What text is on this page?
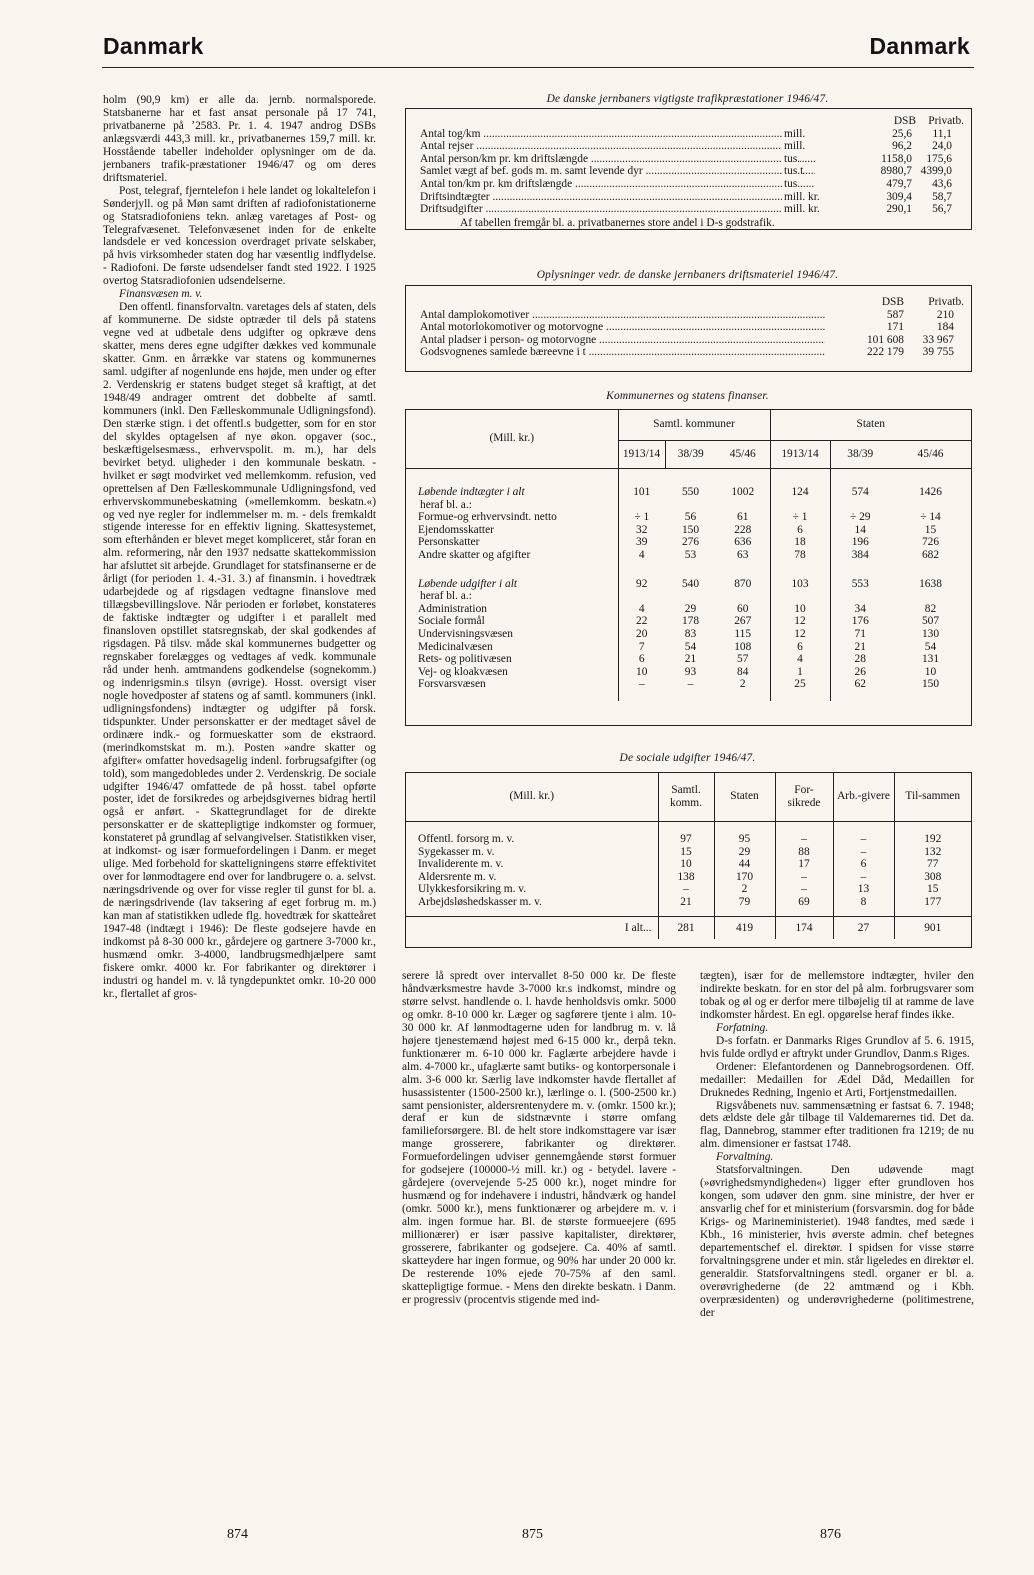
Danmark	Danmark

holm (90,9 km) er alle da. jernb. normalsporede. Statsbanerne har et fast ansat personale på 17 741, privatbanerne på ʼ2583. Pr. 1. 4. 1947 androg DSBs anlægsværdi 443,3 mill. kr., privatbanernes 159,7 mill. kr. Hosstående tabeller indeholder oplysninger om de da. jernbaners trafik-præstationer 1946/47 og om deres driftsmateriel.

Post, telegraf, fjerntelefon i hele landet og lokaltelefon i Sønderjyll. og på Møn samt driften af radiofonistationerne og Statsradiofoniens tekn. anlæg varetages af Post- og Telegrafvæsenet. Telefonvæsenet inden for de enkelte landsdele er ved koncession overdraget private selskaber, på hvis virksomheder staten dog har væsentlig indflydelse. - Radiofoni. De første udsendelser fandt sted 1922. I 1925 overtog Statsradiofonien udsendelserne.

Finansvæsen m. v.

Den offentl. finansforvaltn. varetages dels af staten, dels af kommunerne. De sidste optræder til dels på statens vegne ved at udbetale dens udgifter og opkræve dens skatter, mens deres egne udgifter dækkes ved kommunale skatter. Gnm. en årrække var statens og kommunernes saml. udgifter af nogenlunde ens højde, men under og efter 2. Verdenskrig er statens budget steget så kraftigt, at det 1948/49 andrager omtrent det dobbelte af samtl. kommuners (inkl. Den Fælleskommunale Udligningsfond). Den stærke stign. i det offentl.s budgetter, som for en stor del skyldes optagelsen af nye økon. opgaver (soc., beskæftigelsesmæss., erhvervspolit. m. m.), har dels bevirket betyd. uligheder i den kommunale beskatn. - hvilket er søgt modvirket ved mellemkomm. refusion, ved oprettelsen af Den Fælleskommunale Udligningsfond, ved erhvervskommunebeskatning (»mellemkomm. beskatn.«) og ved nye regler for indlemmelser m. m. - dels fremkaldt stigende interesse for en effektiv ligning. Skattesystemet, som efterhånden er blevet meget kompliceret, står foran en alm. reformering, når den 1937 nedsatte skattekommission har afsluttet sit arbejde. Grundlaget for statsfinanserne er de årligt (for perioden 1. 4.-31. 3.) af finansmin. i hovedtræk udarbejdede og af rigsdagen vedtagne finanslove med tillægsbevillingslove. Når perioden er forløbet, konstateres de faktiske indtægter og udgifter i et parallelt med finansloven opstillet statsregnskab, der skal godkendes af rigsdagen. På tilsv. måde skal kommunernes budgetter og regnskaber forelægges og vedtages af vedk. kommunale råd under henh. amtmandens godkendelse (sognekomm.) og indenrigsmin.s tilsyn (øvrige). Hosst. oversigt viser nogle hovedposter af statens og af samtl. kommuners (inkl. udligningsfondens) indtægter og udgifter på forsk. tidspunkter. Under personskatter er der medtaget såvel de ordinære indk.- og formueskatter som de ekstraord. (merindkomstskat m. m.). Posten »andre skatter og afgifter« omfatter hovedsagelig indenl. forbrugsafgifter (og told), som mangedobledes under 2. Verdenskrig. De sociale udgifter 1946/47 omfattede de på hosst. tabel opførte poster, idet de forsikredes og arbejdsgivernes bidrag hertil også er anført. - Skattegrundlaget for de direkte personskatter er de skattepligtige indkomster og formuer, konstateret på grundlag af selvangivelser. Statistikken viser, at indkomst- og især formuefordelingen i Danm. er meget ulige. Med forbehold for skatteligningens større effektivitet over for lønmodtagere end over for landbrugere o. a. selvst. næringsdrivende og over for visse regler til gunst for bl. a. de næringsdrivende (lav taksering af eget forbrug m. m.) kan man af statistikken udlede flg. hovedtræk for skatteåret 1947-48 (indtægt i 1946): De fleste godsejere havde en indkomst på 8-30 000 kr., gårdejere og gartnere 3-7000 kr., husmænd omkr. 3-4000, landbrugsmedhjælpere samt fiskere omkr. 4000 kr. For fabrikanter og direktører i industri og handel m. v. lå tyngdepunktet omkr. 10-20 000 kr., flertallet af gros-

De danske jernbaners vigtigste trafikpræstationer 1946/47.
DSB	Privatb.
Antal tog/km .....	mill.	25,6	11,1
Antal rejser .....	mill.	96,2	24,0
Antal person/km pr. km driftslængde .....	tus.	1158,0	175,6
Samlet vægt af bef. gods m. m. samt levende dyr .....	tus.t	8980,7 4399,0
Antal ton/km pr. km driftslængde .....	tus.	479,7	43,6
Driftsindtægter .....	mill. kr.	309,4	58,7
Driftsudgifter .....	mill. kr.	290,1	56,7
Af tabellen fremgår bl. a. privatbanernes store andel i D-s godstrafik.
Oplysninger vedr. de danske jernbaners driftsmateriel 1946/47.
DSB	Privatb.
Antal damplokomotiver .....	587	210
Antal motorlokomotiver og motorvogne .....	171	184
Antal pladser i person- og motorvogne .....	101 608	33 967
Godsvognenes samlede bæreevne i t .....	222 179	39 755
Kommunernes og statens finanser.
(Mill. kr.)	Samtl. kommuner			Staten		
	1913/14	38/39	45/46	1913/14	38/39	45/46

Løbende indtægter i alt	101	550	1002	124	574	1426
heraf bl. a.:						
Formue-og erhvervsindt. netto	÷ 1	56	61	÷ 1	÷ 29	÷ 14
Ejendomsskatter	32	150	228	6	14	15
Personskatter	39	276	636	18	196	726
Andre skatter og afgifter	4	53	63	78	384	682

Løbende udgifter i alt	92	540	870	103	553	1638
heraf bl. a.:						
Administration	4	29	60	10	34	82
Sociale formål	22	178	267	12	176	507
Undervisningsvæsen	20	83	115	12	71	130
Medicinalvæsen	7	54	108	6	21	54
Rets- og politivæsen	6	21	57	4	28	131
Vej- og kloakvæsen	10	93	84	1	26	10
Forsvarsvæsen	–	–	2	25	62	150

De sociale udgifter 1946/47.
(Mill. kr.)	Samtl. komm.	Staten	For-sikrede	Arb.-givere	Til-sammen

Offentl. forsorg m. v.	97	95	–	–	192
Sygekasser m. v.	15	29	88	–	132
Invaliderente m. v.	10	44	17	6	77
Aldersrente m. v.	138	170	–	–	308
Ulykkesforsikring m. v.	–	2	–	13	15
Arbejdsløshedskasser m. v.	21	79	69	8	177

I alt...	281	419	174	27	901
serere lå spredt over intervallet 8-50 000 kr. De fleste håndværksmestre havde 3-7000 kr.s indkomst, mindre og større selvst. handlende o. l. havde henholdsvis omkr. 5000 og omkr. 8-10 000 kr. Læger og sagførere tjente i alm. 10-30 000 kr. Af lønmodtagerne uden for landbrug m. v. lå højere tjenestemænd højest med 6-15 000 kr., derpå tekn. funktionærer m. 6-10 000 kr. Faglærte arbejdere havde i alm. 4-7000 kr., ufaglærte samt butiks- og kontorpersonale i alm. 3-6 000 kr. Særlig lave indkomster havde flertallet af husassistenter (1500-2500 kr.), lærlinge o. l. (500-2500 kr.) samt pensionister, aldersrentenydere m. v. (omkr. 1500 kr.); deraf er kun de sidstnævnte i større omfang familieforsørgere. Bl. de helt store indkomsttagere var især mange grosserere, fabrikanter og direktører. Formuefordelingen udviser gennemgående størst formuer for godsejere (100000-½ mill. kr.) og - betydel. lavere - gårdejere (overvejende 5-25 000 kr.), noget mindre for husmænd og for indehavere i industri, håndværk og handel (omkr. 5000 kr.), mens funktionærer og arbejdere m. v. i alm. ingen formue har. Bl. de største formueejere (695 millionærer) er især passive kapitalister, direktører, grosserere, fabrikanter og godsejere. Ca. 40% af samtl. skatteydere har ingen formue, og 90% har under 20 000 kr. De resterende 10% ejede 70-75% af den saml. skattepligtige formue. - Mens den direkte beskatn. i Danm. er progressiv (procentvis stigende med ind-

tægten), især for de mellemstore indtægter, hviler den indirekte beskatn. for en stor del på alm. forbrugsvarer som tobak og øl og er derfor mere tilbøjelig til at ramme de lave indkomster hårdest. En egl. opgørelse heraf findes ikke.

Forfatning.

D-s forfatn. er Danmarks Riges Grundlov af 5. 6. 1915, hvis fulde ordlyd er aftrykt under Grundlov, Danm.s Riges.

Ordener: Elefantordenen og Dannebrogsordenen. Off. medailler: Medaillen for Ædel Dåd, Medaillen for Druknedes Redning, Ingenio et Arti, Fortjenstmedaillen.

Rigsvåbenets nuv. sammensætning er fastsat 6. 7. 1948; dets ældste dele går tilbage til Valdemarernes tid. Det da. flag, Dannebrog, stammer efter traditionen fra 1219; de nu alm. dimensioner er fastsat 1748.

Forvaltning.

Statsforvaltningen. Den udøvende magt (»øvrighedsmyndigheden«) ligger efter grundloven hos kongen, som udøver den gnm. sine ministre, der hver er ansvarlig chef for et ministerium (forsvarsmin. dog for både Krigs- og Marineministeriet). 1948 fandtes, med sæde i Kbh., 16 ministerier, hvis øverste admin. chef betegnes departementschef el. direktør. I spidsen for visse større forvaltningsgrene under et min. står ligeledes en direktør el. generaldir. Statsforvaltningens stedl. organer er bl. a. overøvrighederne (de 22 amtmænd og i Kbh. overpræsidenten) og underøvrighederne (politimestrene, der

874	875	876
